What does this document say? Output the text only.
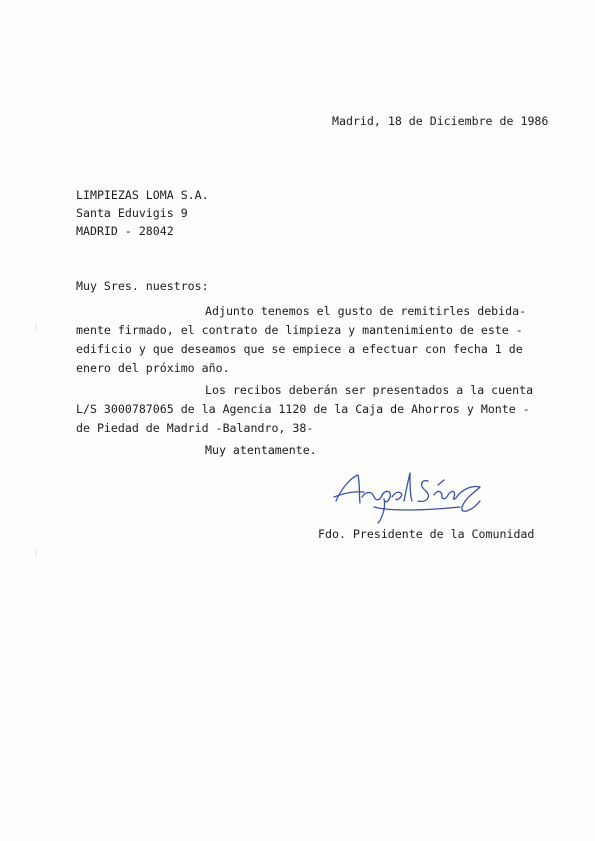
Madrid, 18 de Diciembre de 1986
LIMPIEZAS LOMA S.A.
Santa Eduvigis 9
MADRID - 28042
Muy Sres. nuestros:
Adjunto tenemos el gusto de remitirles debida-
mente firmado, el contrato de limpieza y mantenimiento de este -
edificio y que deseamos que se empiece a efectuar con fecha 1 de
enero del próximo año.
Los recibos deberán ser presentados a la cuenta
L/S 3000787065 de la Agencia 1120 de la Caja de Ahorros y Monte -
de Piedad de Madrid -Balandro, 38-
Muy atentamente.
Fdo. Presidente de la Comunidad
)
)
